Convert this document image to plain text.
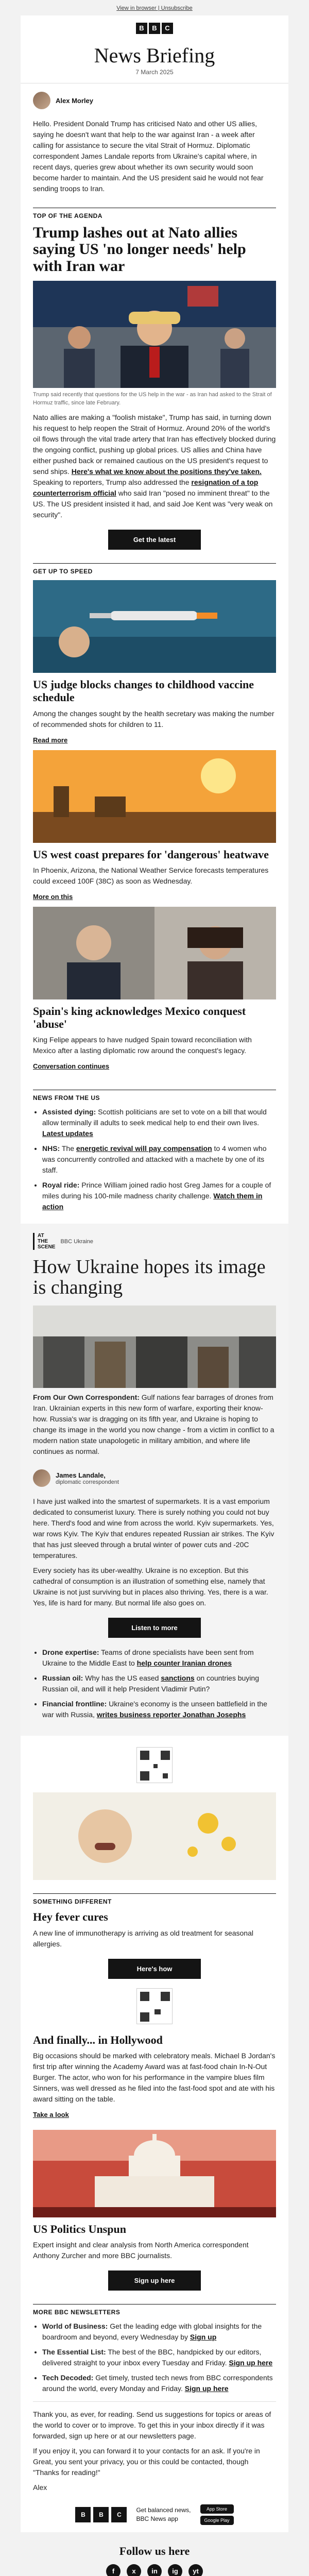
View in browser | Unsubscribe
B	B	C
News Briefing
7 March 2025
Alex Morley

Hello. President Donald Trump has criticised Nato and other US allies, saying he doesn't want that help to the war against Iran - a week after calling for assistance to secure the vital Strait of Hormuz. Diplomatic correspondent James Landale reports from Ukraine's capital where, in recent days, queries grew about whether its own security would soon become harder to maintain. And the US president said he would not fear sending troops to Iran.

TOP OF THE AGENDA
Trump lashes out at Nato allies saying US 'no longer needs' help with Iran war
Trump said recently that questions for the US help in the war - as Iran had asked to the Strait of Hormuz traffic, since late February.

Nato allies are making a "foolish mistake", Trump has said, in turning down his request to help reopen the Strait of Hormuz. Around 20% of the world's oil flows through the vital trade artery that Iran has effectively blocked during the ongoing conflict, pushing up global prices. US allies and China have either pushed back or remained cautious on the US president's request to send ships. Here's what we know about the positions they've taken. Speaking to reporters, Trump also addressed the resignation of a top counterterrorism official who said Iran "posed no imminent threat" to the US. The US president insisted it had, and said Joe Kent was "very weak on security".

Get the latest
GET UP TO SPEED
US judge blocks changes to childhood vaccine schedule

Among the changes sought by the health secretary was making the number of recommended shots for children to 11.

Read more
US west coast prepares for 'dangerous' heatwave

In Phoenix, Arizona, the National Weather Service forecasts temperatures could exceed 100F (38C) as soon as Wednesday.

More on this
Spain's king acknowledges Mexico conquest 'abuse'

King Felipe appears to have nudged Spain toward reconciliation with Mexico after a lasting diplomatic row around the conquest's legacy.

Conversation continues
NEWS FROM THE US
• Assisted dying: Scottish politicians are set to vote on a bill that would allow terminally ill adults to seek medical help to end their own lives. Latest updates
• NHS: The energetic revival will pay compensation to 4 women who was concurrently controlled and attacked with a machete by one of its staff.
• Royal ride: Prince William joined radio host Greg James for a couple of miles during his 100-mile madness charity challenge. Watch them in action
AT
THE
SCENE
BBC Ukraine
How Ukraine hopes its image is changing

From Our Own Correspondent: Gulf nations fear barrages of drones from Iran. Ukrainian experts in this new form of warfare, exporting their know-how. Russia's war is dragging on its fifth year, and Ukraine is hoping to change its image in the world you now change - from a victim in conflict to a modern nation state unapologetic in military ambition, and where life continues as normal.

James Landale,
diplomatic correspondent

I have just walked into the smartest of supermarkets. It is a vast emporium dedicated to consumerist luxury. There is surely nothing you could not buy here. Therd's food and wine from across the world. Kyiv supermarkets. Yes, war rows Kyiv. The Kyiv that endures repeated Russian air strikes. The Kyiv that has just sleeved through a brutal winter of power cuts and -20C temperatures.

Every society has its uber-wealthy. Ukraine is no exception. But this cathedral of consumption is an illustration of something else, namely that Ukraine is not just surviving but in places also thriving. Yes, there is a war. Yes, life is hard for many. But normal life also goes on.

Listen to more
• Drone expertise: Teams of drone specialists have been sent from Ukraine to the Middle East to help counter Iranian drones
• Russian oil: Why has the US eased sanctions on countries buying Russian oil, and will it help President Vladimir Putin?
• Financial frontline: Ukraine's economy is the unseen battlefield in the war with Russia, writes business reporter Jonathan Josephs
SOMETHING DIFFERENT
Hey fever cures

A new line of immunotherapy is arriving as old treatment for seasonal allergies.

Here's how
And finally... in Hollywood

Big occasions should be marked with celebratory meals. Michael B Jordan's first trip after winning the Academy Award was at fast-food chain In-N-Out Burger. The actor, who won for his performance in the vampire blues film Sinners, was well dressed as he filed into the fast-food spot and ate with his award sitting on the table.

Take a look
US Politics Unspun

Expert insight and clear analysis from North America correspondent Anthony Zurcher and more BBC journalists.

Sign up here
MORE BBC NEWSLETTERS
• World of Business: Get the leading edge with global insights for the boardroom and beyond, every Wednesday by Sign up
• The Essential List: The best of the BBC, handpicked by our editors, delivered straight to your inbox every Tuesday and Friday. Sign up here
• Tech Decoded: Get timely, trusted tech news from BBC correspondents around the world, every Monday and Friday. Sign up here

Thank you, as ever, for reading. Send us suggestions for topics or areas of the world to cover or to improve. To get this in your inbox directly if it was forwarded, sign up here or at our newsletters page.

If you enjoy it, you can forward it to your contacts for an ask. If you're in Great, you sent your privacy, you or this could be contacted, though "Thanks for reading!"

Alex

B	B	C
Get balanced news,
BBC News app
App Store
Google Play
Follow us here
f	x	in	ig	yt
